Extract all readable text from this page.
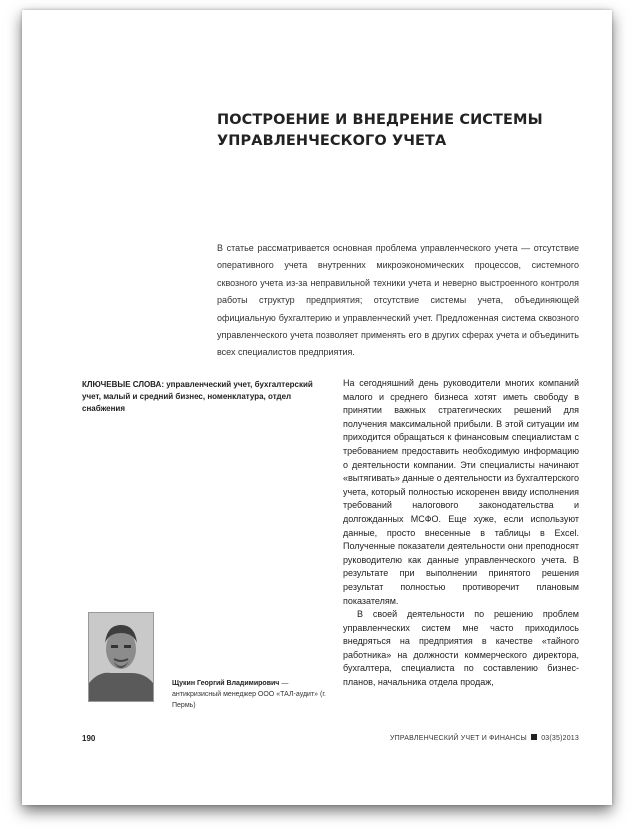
ПОСТРОЕНИЕ И ВНЕДРЕНИЕ СИСТЕМЫ УПРАВЛЕНЧЕСКОГО УЧЕТА

В статье рассматривается основная проблема управленческого учета — отсутствие оперативного учета внутренних микроэкономических процессов, системного сквозного учета из-за неправильной техники учета и неверно выстроенного контроля работы структур предприятия; отсутствие системы учета, объединяющей официальную бухгалтерию и управленческий учет. Предложенная система сквозного управленческого учета позволяет применять его в других сферах учета и объединить всех специалистов предприятия.

КЛЮЧЕВЫЕ СЛОВА: управленческий учет, бухгалтерский учет, малый и средний бизнес, номенклатура, отдел снабжения

На сегодняшний день руководители многих компаний малого и среднего бизнеса хотят иметь свободу в принятии важных стратегических решений для получения максимальной прибыли. В этой ситуации им приходится обращаться к финансовым специалистам с требованием предоставить необходимую информацию о деятельности компании. Эти специалисты начинают «вытягивать» данные о деятельности из бухгалтерского учета, который полностью искоренен ввиду исполнения требований налогового законодательства и долгожданных МСФО. Еще хуже, если используют данные, просто внесенные в таблицы в Excel. Полученные показатели деятельности они преподносят руководителю как данные управленческого учета. В результате при выполнении принятого решения результат полностью противоречит плановым показателям.

В своей деятельности по решению проблем управленческих систем мне часто приходилось внедряться на предприятия в качестве «тайного работника» на должности коммерческого директора, бухгалтера, специалиста по составлению бизнес-планов, начальника отдела продаж,

Щукин Георгий Владимирович — антикризисный менеджер ООО «ТАЛ-аудит» (г. Пермь)
190	УПРАВЛЕНЧЕСКИЙ УЧЕТ И ФИНАНСЫ 03(35)2013
